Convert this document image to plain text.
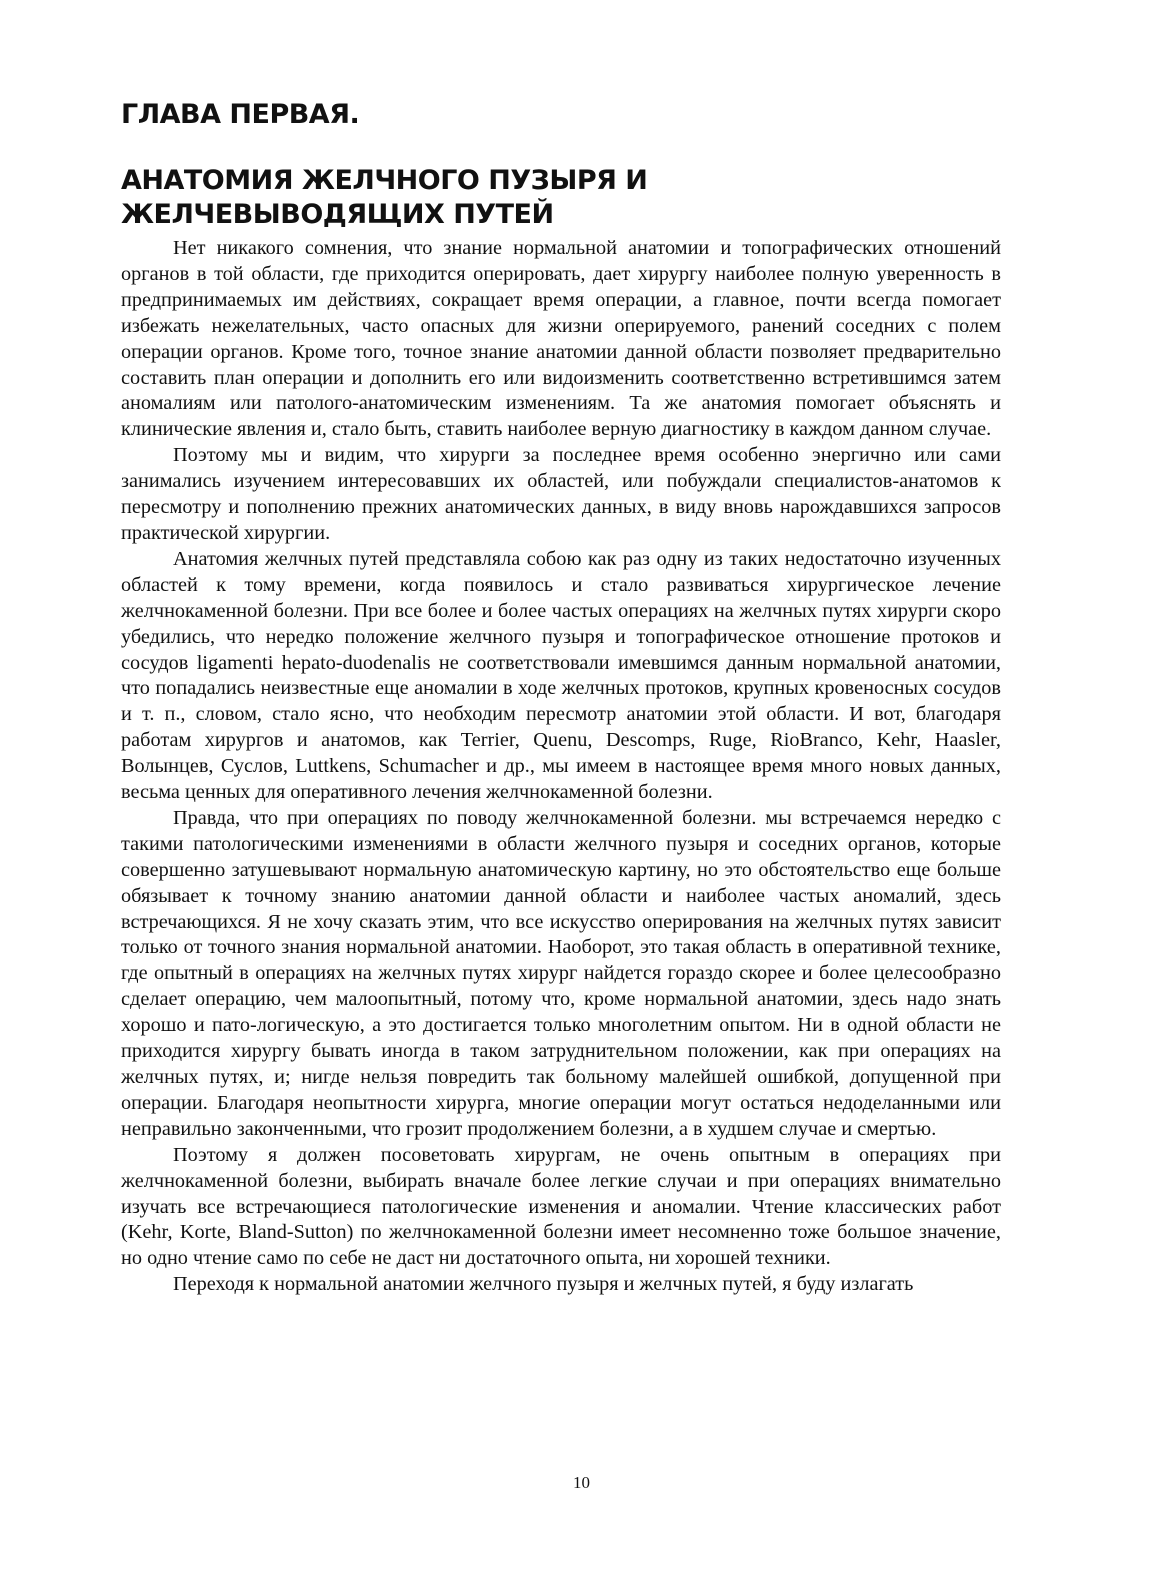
ГЛАВА ПЕРВАЯ.
АНАТОМИЯ ЖЕЛЧНОГО ПУЗЫРЯ И
ЖЕЛЧЕВЫВОДЯЩИХ ПУТЕЙ

Нет никакого сомнения, что знание нормальной анатомии и топографических отношений органов в той области, где приходится оперировать, дает хирургу наиболее полную уверенность в предпринимаемых им действиях, сокращает время операции, а главное, почти всегда помогает избежать нежелательных, часто опасных для жизни оперируемого, ранений соседних с полем операции органов. Кроме того, точное знание анатомии данной области позволяет предварительно составить план операции и дополнить его или видоизменить соответственно встретившимся затем аномалиям или патолого-анатомическим изменениям. Та же анатомия помогает объяснять и клинические явления и, стало быть, ставить наиболее верную диагностику в каждом данном случае.

Поэтому мы и видим, что хирурги за последнее время особенно энергично или сами занимались изучением интересовавших их областей, или побуждали специалистов-анатомов к пересмотру и пополнению прежних анатомических данных, в виду вновь нарождавшихся запросов практической хирургии.

Анатомия желчных путей представляла собою как раз одну из таких недостаточно изученных областей к тому времени, когда появилось и стало развиваться хирургическое лечение желчнокаменной болезни. При все более и более частых операциях на желчных путях хирурги скоро убедились, что нередко положение желчного пузыря и топографическое отношение протоков и сосудов ligamenti hepato-duodenalis не соответствовали имевшимся данным нормальной анатомии, что попадались неизвестные еще аномалии в ходе желчных протоков, крупных кровеносных сосудов и т. п., словом, стало ясно, что необходим пересмотр анатомии этой области. И вот, благодаря работам хирургов и анатомов, как Terrier, Quenu, Descomps, Ruge, RioBranco, Kehr, Haasler, Волынцев, Суслов, Luttkens, Schumacher и др., мы имеем в настоящее время много новых данных, весьма ценных для оперативного лечения желчнокаменной болезни.

Правда, что при операциях по поводу желчнокаменной болезни. мы встречаемся нередко с такими патологическими изменениями в области желчного пузыря и соседних органов, которые совершенно затушевывают нормальную анатомическую картину, но это обстоятельство еще больше обязывает к точному знанию анатомии данной области и наиболее частых аномалий, здесь встречающихся. Я не хочу сказать этим, что все искусство оперирования на желчных путях зависит только от точного знания нормальной анатомии. Наоборот, это такая область в оперативной технике, где опытный в операциях на желчных путях хирург найдется гораздо скорее и более целесообразно сделает операцию, чем малоопытный, потому что, кроме нормальной анатомии, здесь надо знать хорошо и пато-логическую, а это достигается только многолетним опытом. Ни в одной области не приходится хирургу бывать иногда в таком затруднительном положении, как при операциях на желчных путях, и; нигде нельзя повредить так больному малейшей ошибкой, допущенной при операции. Благодаря неопытности хирурга, многие операции могут остаться недоделанными или неправильно законченными, что грозит продолжением болезни, а в худшем случае и смертью.

Поэтому я должен посоветовать хирургам, не очень опытным в операциях при желчнокаменной болезни, выбирать вначале более легкие случаи и при операциях внимательно изучать все встречающиеся патологические изменения и аномалии. Чтение классических работ (Kehr, Korte, Bland-Sutton) по желчнокаменной болезни имеет несомненно тоже большое значение, но одно чтение само по себе не даст ни достаточного опыта, ни хорошей техники.

Переходя к нормальной анатомии желчного пузыря и желчных путей, я буду излагать

10
